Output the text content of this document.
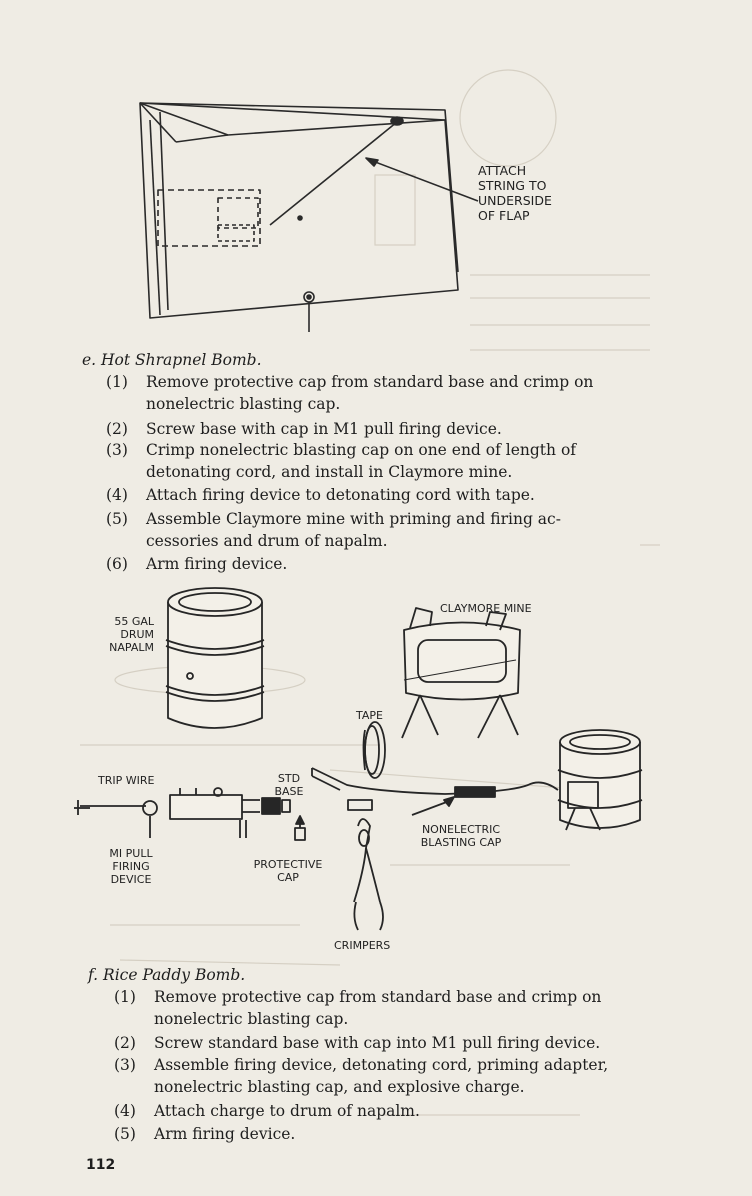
ATTACH
STRING TO
UNDERSIDE
OF FLAP
e. Hot Shrapnel Bomb.
(1) Remove protective cap from standard base and crimp on
nonelectric blasting cap.
(2) Screw base with cap in M1 pull firing device.
(3) Crimp nonelectric blasting cap on one end of length of
detonating cord, and install in Claymore mine.
(4) Attach firing device to detonating cord with tape.
(5) Assemble Claymore mine with priming and firing ac-
cessories and drum of napalm.
(6) Arm firing device.
55 GAL
DRUM
NAPALM
CLAYMORE MINE
TAPE
TRIP WIRE	STD
BASE
MI PULL
FIRING
DEVICE
PROTECTIVE
CAP
NONELECTRIC
BLASTING CAP
CRIMPERS
f. Rice Paddy Bomb.
(1) Remove protective cap from standard base and crimp on
nonelectric blasting cap.
(2) Screw standard base with cap into M1 pull firing device.
(3) Assemble firing device, detonating cord, priming adapter,
nonelectric blasting cap, and explosive charge.
(4) Attach charge to drum of napalm.
(5) Arm firing device.
112
